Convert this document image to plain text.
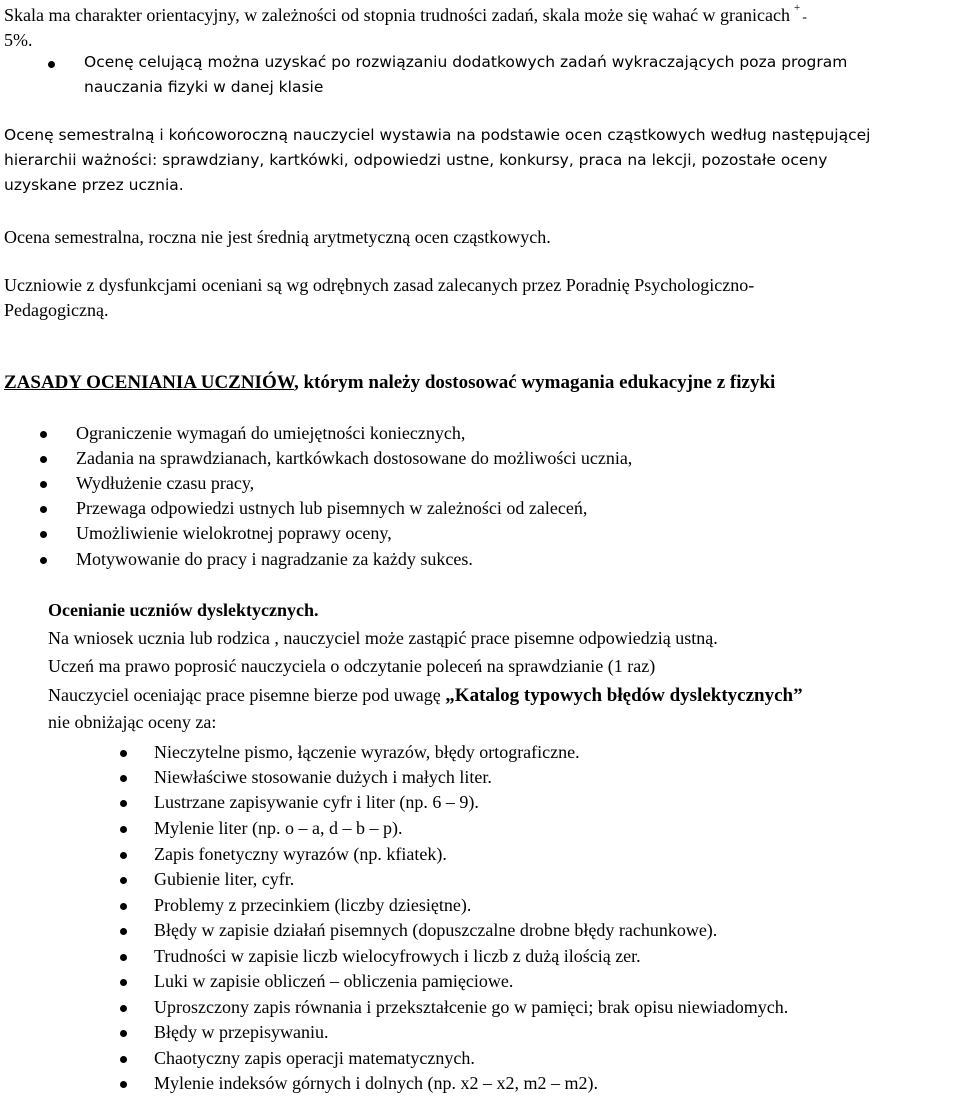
Skala ma charakter orientacyjny, w zależności od stopnia trudności zadań, skala może się wahać w granicach +-
5%.
Ocenę celującą można uzyskać po rozwiązaniu dodatkowych zadań wykraczających poza program
nauczania fizyki w danej klasie
Ocenę semestralną i końcoworoczną nauczyciel wystawia na podstawie ocen cząstkowych według następującej
hierarchii ważności: sprawdziany, kartkówki, odpowiedzi ustne, konkursy, praca na lekcji, pozostałe oceny
uzyskane przez ucznia.
Ocena semestralna, roczna nie jest średnią arytmetyczną ocen cząstkowych.
Uczniowie z dysfunkcjami oceniani są wg odrębnych zasad zalecanych przez Poradnię Psychologiczno-
Pedagogiczną.
ZASADY OCENIANIA UCZNIÓW, którym należy dostosować wymagania edukacyjne z fizyki
Ograniczenie wymagań do umiejętności koniecznych,
Zadania na sprawdzianach, kartkówkach dostosowane do możliwości ucznia,
Wydłużenie czasu pracy,
Przewaga odpowiedzi ustnych lub pisemnych w zależności od zaleceń,
Umożliwienie wielokrotnej poprawy oceny,
Motywowanie do pracy i nagradzanie za każdy sukces.
Ocenianie uczniów dyslektycznych.
Na wniosek ucznia lub rodzica , nauczyciel może zastąpić prace pisemne odpowiedzią ustną.
Uczeń ma prawo poprosić nauczyciela o odczytanie poleceń na sprawdzianie (1 raz)
Nauczyciel oceniając prace pisemne bierze pod uwagę „Katalog typowych błędów dyslektycznych”
nie obniżając oceny za:
Nieczytelne pismo, łączenie wyrazów, błędy ortograficzne.
Niewłaściwe stosowanie dużych i małych liter.
Lustrzane zapisywanie cyfr i liter (np. 6 – 9).
Mylenie liter (np. o – a, d – b – p).
Zapis fonetyczny wyrazów (np. kfiatek).
Gubienie liter, cyfr.
Problemy z przecinkiem (liczby dziesiętne).
Błędy w zapisie działań pisemnych (dopuszczalne drobne błędy rachunkowe).
Trudności w zapisie liczb wielocyfrowych i liczb z dużą ilością zer.
Luki w zapisie obliczeń – obliczenia pamięciowe.
Uproszczony zapis równania i przekształcenie go w pamięci; brak opisu niewiadomych.
Błędy w przepisywaniu.
Chaotyczny zapis operacji matematycznych.
Mylenie indeksów górnych i dolnych (np. x2 – x2, m2 – m2).
